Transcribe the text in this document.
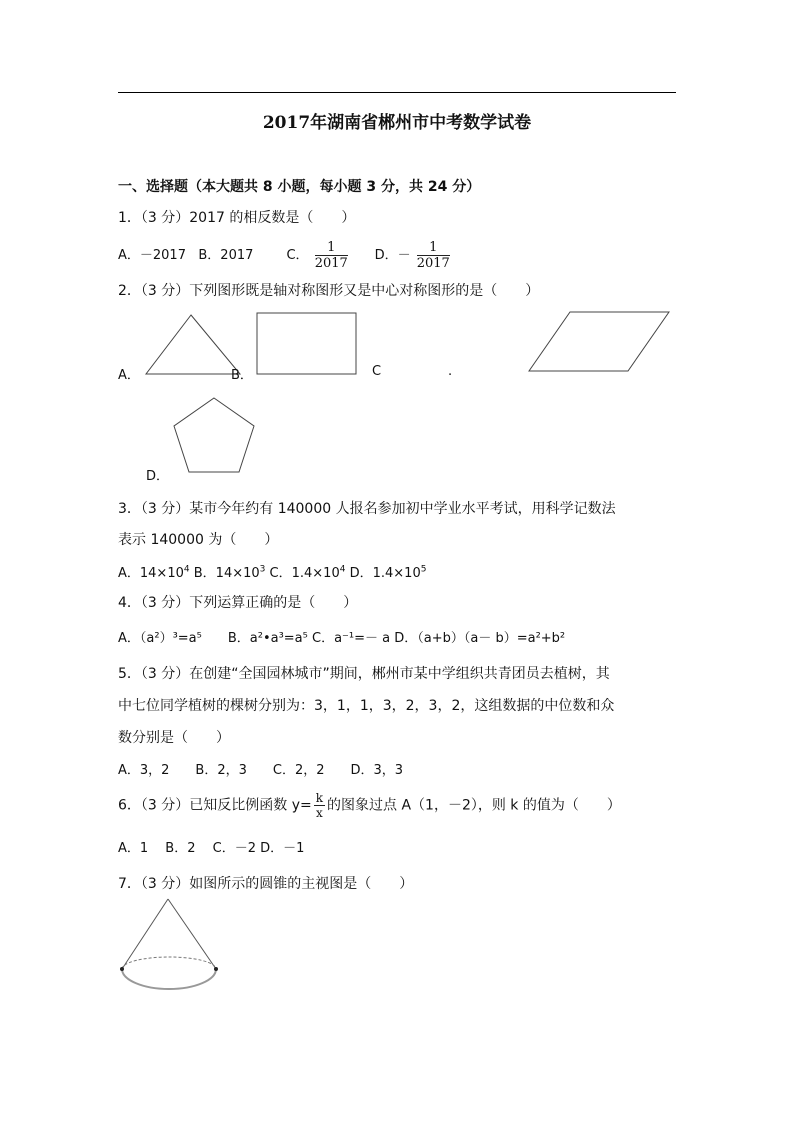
2017年湖南省郴州市中考数学试卷
一、选择题（本大题共 8 小题，每小题 3 分，共 24 分）
1．（3 分）2017 的相反数是（　　）
A．－2017 B．2017	C． $\frac{1}{2017}$ D．－ $\frac{1}{2017}$
2．（3 分）下列图形既是轴对称图形又是中心对称图形的是（　　）
A．	B．	C	.
D．
3．（3 分）某市今年约有 140000 人报名参加初中学业水平考试，用科学记数法
表示 140000 为（　　）
A．$14\times 10^4$ B．$14\times 10^3$ C．$1.4\times 10^4$ D．$1.4\times 10^5$
4．（3 分）下列运算正确的是（　　）
A．（a²）³=a⁵　　B．a²•a³=a⁵ C．a⁻¹=－ a D．（a+b）（a－ b）=a²+b²
5．（3 分）在创建“全国园林城市”期间，郴州市某中学组织共青团员去植树，其
中七位同学植树的棵树分别为：3，1，1，3，2，3，2，这组数据的中位数和众
数分别是（　　）
A．3，2　　B．2，3　　C．2，2　　D．3，3
6．（3 分）已知反比例函数 $y= \frac{k}{x}$ 的图象过点 A（1，－2），则 k 的值为（　　）
A．1　 B．2　 C．－2 D．－1
7．（3 分）如图所示的圆锥的主视图是（　　）
